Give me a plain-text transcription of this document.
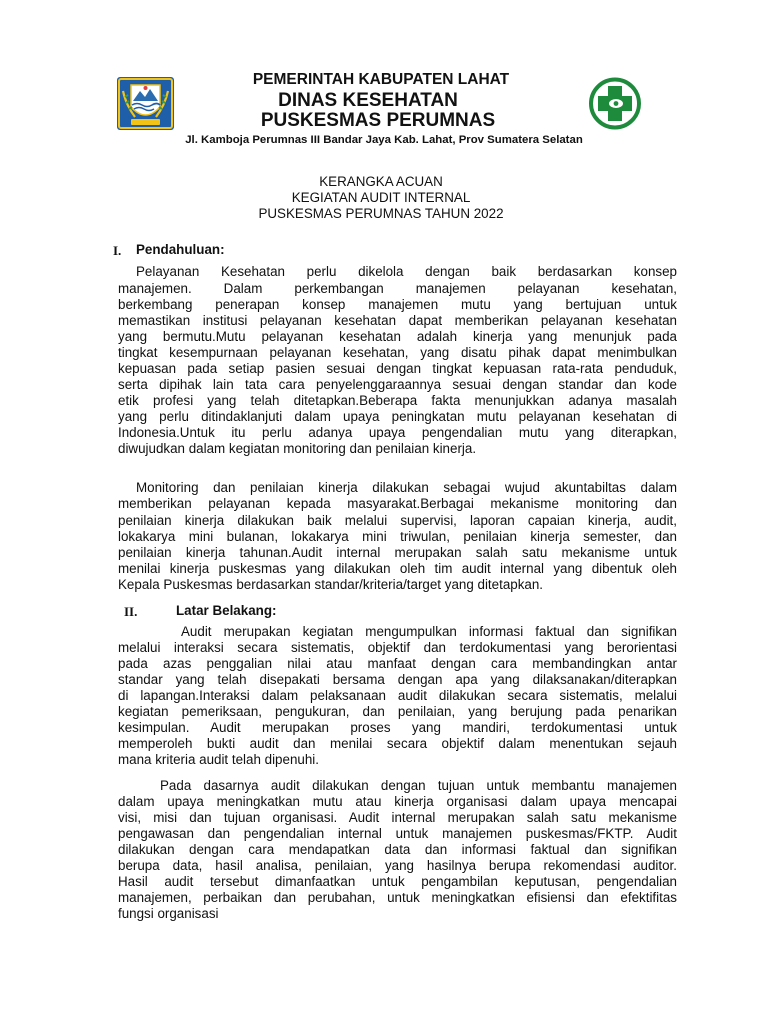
PEMERINTAH KABUPATEN LAHAT
DINAS KESEHATAN
PUSKESMAS PERUMNAS
Jl. Kamboja Perumnas III Bandar Jaya Kab. Lahat, Prov Sumatera Selatan
KERANGKA ACUAN
KEGIATAN AUDIT INTERNAL
PUSKESMAS PERUMNAS TAHUN 2022
I. Pendahuluan:
Pelayanan Kesehatan perlu dikelola dengan baik berdasarkan konsep
manajemen. Dalam perkembangan manajemen pelayanan kesehatan,
berkembang penerapan konsep manajemen mutu yang bertujuan untuk
memastikan institusi pelayanan kesehatan dapat memberikan pelayanan kesehatan
yang bermutu.Mutu pelayanan kesehatan adalah kinerja yang menunjuk pada
tingkat kesempurnaan pelayanan kesehatan, yang disatu pihak dapat menimbulkan
kepuasan pada setiap pasien sesuai dengan tingkat kepuasan rata-rata penduduk,
serta dipihak lain tata cara penyelenggaraannya sesuai dengan standar dan kode
etik profesi yang telah ditetapkan.Beberapa fakta menunjukkan adanya masalah
yang perlu ditindaklanjuti dalam upaya peningkatan mutu pelayanan kesehatan di
Indonesia.Untuk itu perlu adanya upaya pengendalian mutu yang diterapkan,
diwujudkan dalam kegiatan monitoring dan penilaian kinerja.
Monitoring dan penilaian kinerja dilakukan sebagai wujud akuntabiltas dalam
memberikan pelayanan kepada masyarakat.Berbagai mekanisme monitoring dan
penilaian kinerja dilakukan baik melalui supervisi, laporan capaian kinerja, audit,
lokakarya mini bulanan, lokakarya mini triwulan, penilaian kinerja semester, dan
penilaian kinerja tahunan.Audit internal merupakan salah satu mekanisme untuk
menilai kinerja puskesmas yang dilakukan oleh tim audit internal yang dibentuk oleh
Kepala Puskesmas berdasarkan standar/kriteria/target yang ditetapkan.
II.	Latar Belakang:
Audit merupakan kegiatan mengumpulkan informasi faktual dan signifikan
melalui interaksi secara sistematis, objektif dan terdokumentasi yang berorientasi
pada azas penggalian nilai atau manfaat dengan cara membandingkan antar
standar yang telah disepakati bersama dengan apa yang dilaksanakan/diterapkan
di lapangan.Interaksi dalam pelaksanaan audit dilakukan secara sistematis, melalui
kegiatan pemeriksaan, pengukuran, dan penilaian, yang berujung pada penarikan
kesimpulan. Audit merupakan proses yang mandiri, terdokumentasi untuk
memperoleh bukti audit dan menilai secara objektif dalam menentukan sejauh
mana kriteria audit telah dipenuhi.
Pada dasarnya audit dilakukan dengan tujuan untuk membantu manajemen
dalam upaya meningkatkan mutu atau kinerja organisasi dalam upaya mencapai
visi, misi dan tujuan organisasi. Audit internal merupakan salah satu mekanisme
pengawasan dan pengendalian internal untuk manajemen puskesmas/FKTP. Audit
dilakukan dengan cara mendapatkan data dan informasi faktual dan signifikan
berupa data, hasil analisa, penilaian, yang hasilnya berupa rekomendasi auditor.
Hasil audit tersebut dimanfaatkan untuk pengambilan keputusan, pengendalian
manajemen, perbaikan dan perubahan, untuk meningkatkan efisiensi dan efektifitas
fungsi organisasi
